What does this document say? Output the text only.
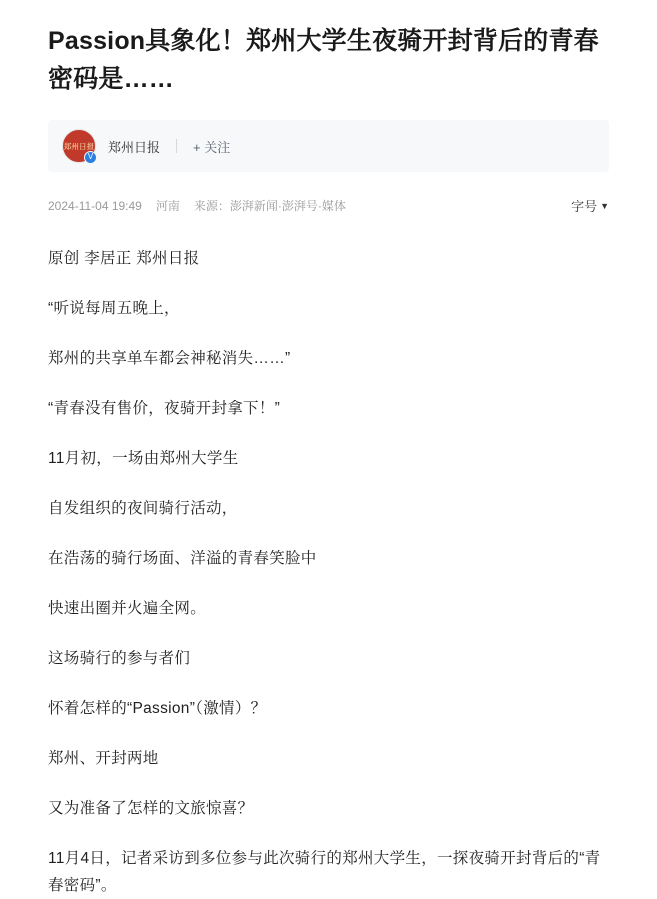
Passion具象化！郑州大学生夜骑开封背后的青春密码是……
郑州日报
V
郑州日报	+ 关注
2024-11-04 19:49 河南 来源：澎湃新闻·澎湃号·媒体	字号 ▼

原创 李居正 郑州日报

“听说每周五晚上，

郑州的共享单车都会神秘消失……”

“青春没有售价，夜骑开封拿下！”

11月初，一场由郑州大学生

自发组织的夜间骑行活动，

在浩荡的骑行场面、洋溢的青春笑脸中

快速出圈并火遍全网。

这场骑行的参与者们

怀着怎样的“Passion”（激情）？

郑州、开封两地

又为准备了怎样的文旅惊喜？

11月4日，记者采访到多位参与此次骑行的郑州大学生，一探夜骑开封背后的“青春密码”。
